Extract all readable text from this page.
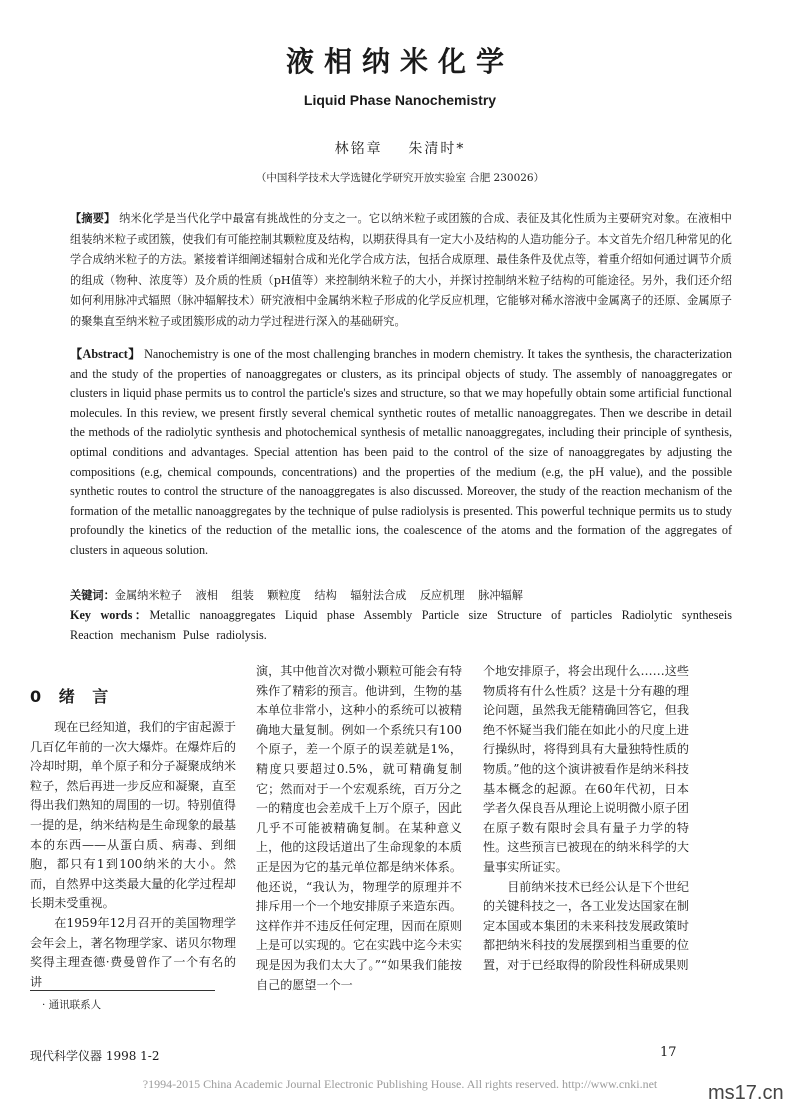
液相纳米化学
Liquid Phase Nanochemistry
林铭章    朱清时*
（中国科学技术大学选键化学研究开放实验室 合肥 230026）
【摘要】 纳米化学是当代化学中最富有挑战性的分支之一。它以纳米粒子或团簇的合成、表征及其化性质为主要研究对象。在液相中组装纳米粒子或团簇，使我们有可能控制其颗粒度及结构，以期获得具有一定大小及结构的人造功能分子。本文首先介绍几种常见的化学合成纳米粒子的方法。紧接着详细阐述辐射合成和光化学合成方法，包括合成原理、最佳条件及优点等，着重介绍如何通过调节介质的组成（物种、浓度等）及介质的性质（pH值等）来控制纳米粒子的大小，并探讨控制纳米粒子结构的可能途径。另外，我们还介绍如何利用脉冲式辐照（脉冲辐解技术）研究液相中金属纳米粒子形成的化学反应机理，它能够对稀水溶液中金属离子的还原、金属原子的聚集直至纳米粒子或团簇形成的动力学过程进行深入的基础研究。
【Abstract】 Nanochemistry is one of the most challenging branches in modern chemistry. It takes the synthesis, the characterization and the study of the properties of nanoaggregates or clusters, as its principal objects of study. The assembly of nanoaggregates or clusters in liquid phase permits us to control the particle's sizes and structure, so that we may hopefully obtain some artificial functional molecules. In this review, we present firstly several chemical synthetic routes of metallic nanoaggregates. Then we describe in detail the methods of the radiolytic synthesis and photochemical synthesis of metallic nanoaggregates, including their principle of synthesis, optimal conditions and advantages. Special attention has been paid to the control of the size of nanoaggregates by adjusting the compositions (e.g, chemical compounds, concentrations) and the properties of the medium (e.g, the pH value), and the possible synthetic routes to control the structure of the nanoaggregates is also discussed. Moreover, the study of the reaction mechanism of the formation of the metallic nanoaggregates by the technique of pulse radiolysis is presented. This powerful technique permits us to study profoundly the kinetics of the reduction of the metallic ions, the coalescence of the atoms and the formation of the aggregates of clusters in aqueous solution.
关键词：金属纳米粒子 液相 组装 颗粒度 结构 辐射法合成 反应机理 脉冲辐解
Key words：Metallic nanoaggregates Liquid phase Assembly Particle size Structure of particles Radiolytic syntheseis Reaction mechanism Pulse radiolysis.
0 绪 言

现在已经知道，我们的宇宙起源于几百亿年前的一次大爆炸。在爆炸后的冷却时期，单个原子和分子凝聚成纳米粒子，然后再进一步反应和凝聚，直至得出我们熟知的周围的一切。特别值得一提的是，纳米结构是生命现象的最基本的东西——从蛋白质、病毒、到细胞，都只有1到100纳米的大小。然而，自然界中这类最大量的化学过程却长期未受重视。

在1959年12月召开的美国物理学会年会上，著名物理学家、诺贝尔物理奖得主理查德·费曼曾作了一个有名的讲

演，其中他首次对微小颗粒可能会有特殊作了精彩的预言。他讲到，生物的基本单位非常小，这种小的系统可以被精确地大量复制。例如一个系统只有100个原子，差一个原子的误差就是1%，精度只要超过0.5%，就可精确复制它；然而对于一个宏观系统，百万分之一的精度也会差成千上万个原子，因此几乎不可能被精确复制。在某种意义上，他的这段话道出了生命现象的本质正是因为它的基元单位都是纳米体系。他还说，“我认为，物理学的原理并不排斥用一个一个地安排原子来造东西。这样作并不违反任何定理，因而在原则上是可以实现的。它在实践中迄今未实现是因为我们太大了。”“如果我们能按自己的愿望一个一

个地安排原子，将会出现什么……这些物质将有什么性质？这是十分有趣的理论问题，虽然我无能精确回答它，但我绝不怀疑当我们能在如此小的尺度上进行操纵时，将得到具有大量独特性质的物质。”他的这个演讲被看作是纳米科技基本概念的起源。在60年代初，日本学者久保良吾从理论上说明微小原子团在原子数有限时会具有量子力学的特性。这些预言已被现在的纳米科学的大量事实所证实。

目前纳米技术已经公认是下个世纪的关键科技之一，各工业发达国家在制定本国或本集团的未来科技发展政策时都把纳米科技的发展摆到相当重要的位置，对于已经取得的阶段性科研成果则

· 通讯联系人
现代科学仪器 1998 1-2	17
?1994-2015 China Academic Journal Electronic Publishing House. All rights reserved. http://www.cnki.net	ms17.cn
